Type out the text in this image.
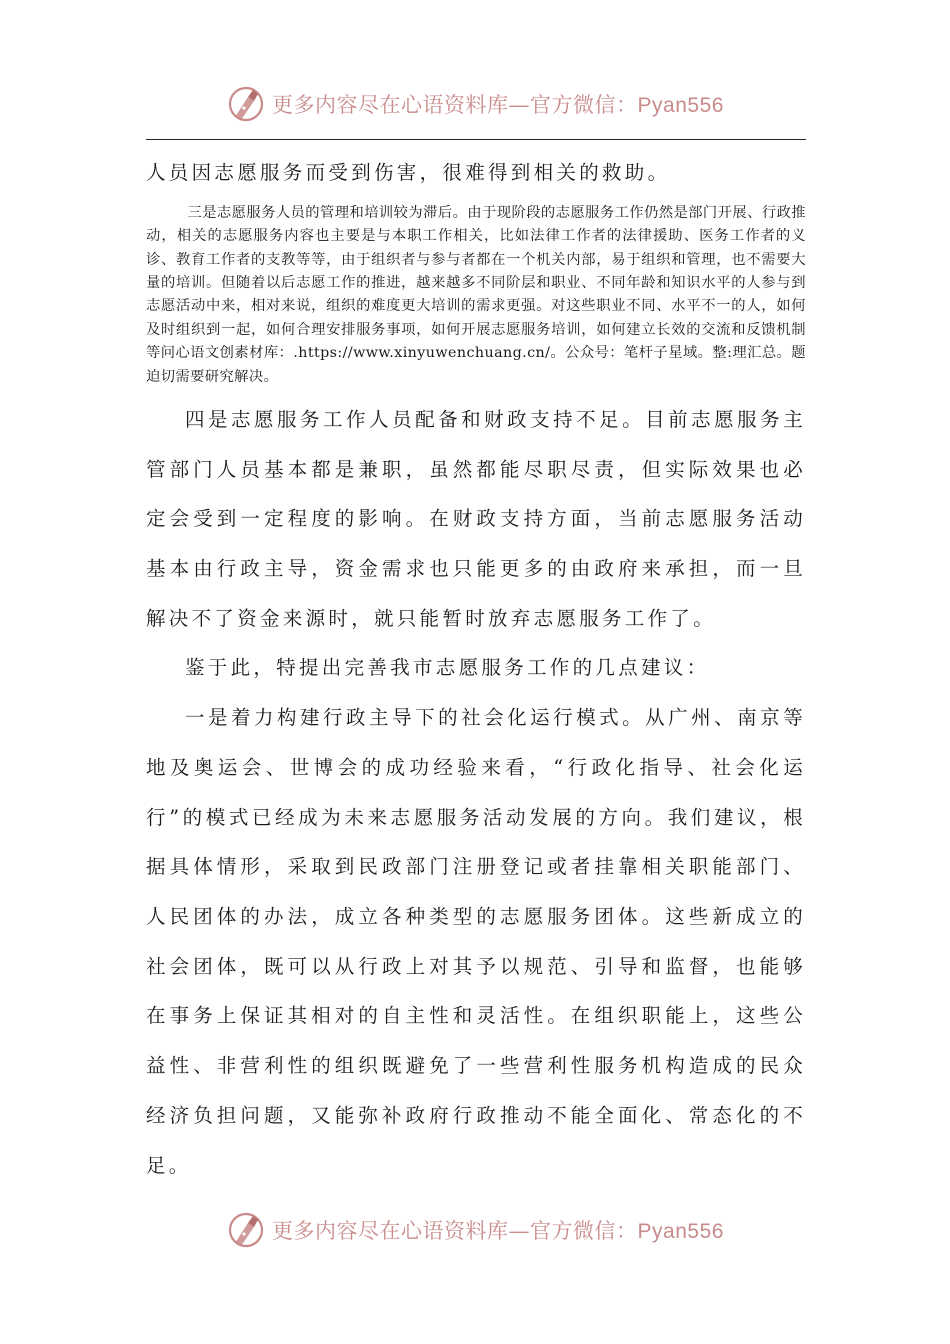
更多内容尽在心语资料库—官方微信：Pyan556

人员因志愿服务而受到伤害，很难得到相关的救助。

三是志愿服务人员的管理和培训较为滞后。由于现阶段的志愿服务工作仍然是部门开展、行政推动，相关的志愿服务内容也主要是与本职工作相关，比如法律工作者的法律援助、医务工作者的义诊、教育工作者的支教等等，由于组织者与参与者都在一个机关内部，易于组织和管理，也不需要大量的培训。但随着以后志愿工作的推进，越来越多不同阶层和职业、不同年龄和知识水平的人参与到志愿活动中来，相对来说，组织的难度更大培训的需求更强。对这些职业不同、水平不一的人，如何及时组织到一起，如何合理安排服务事项，如何开展志愿服务培训，如何建立长效的交流和反馈机制等问心语文创素材库：.https://www.xinyuwenchuang.cn/。公众号：笔杆子星域。整:理汇总。题迫切需要研究解决。

四是志愿服务工作人员配备和财政支持不足。目前志愿服务主管部门人员基本都是兼职，虽然都能尽职尽责，但实际效果也必定会受到一定程度的影响。在财政支持方面，当前志愿服务活动基本由行政主导，资金需求也只能更多的由政府来承担，而一旦解决不了资金来源时，就只能暂时放弃志愿服务工作了。

鉴于此，特提出完善我市志愿服务工作的几点建议：

一是着力构建行政主导下的社会化运行模式。从广州、南京等地及奥运会、世博会的成功经验来看，“行政化指导、社会化运行”的模式已经成为未来志愿服务活动发展的方向。我们建议，根据具体情形，采取到民政部门注册登记或者挂靠相关职能部门、人民团体的办法，成立各种类型的志愿服务团体。这些新成立的社会团体，既可以从行政上对其予以规范、引导和监督，也能够在事务上保证其相对的自主性和灵活性。在组织职能上，这些公益性、非营利性的组织既避免了一些营利性服务机构造成的民众经济负担问题，又能弥补政府行政推动不能全面化、常态化的不足。

更多内容尽在心语资料库—官方微信：Pyan556
